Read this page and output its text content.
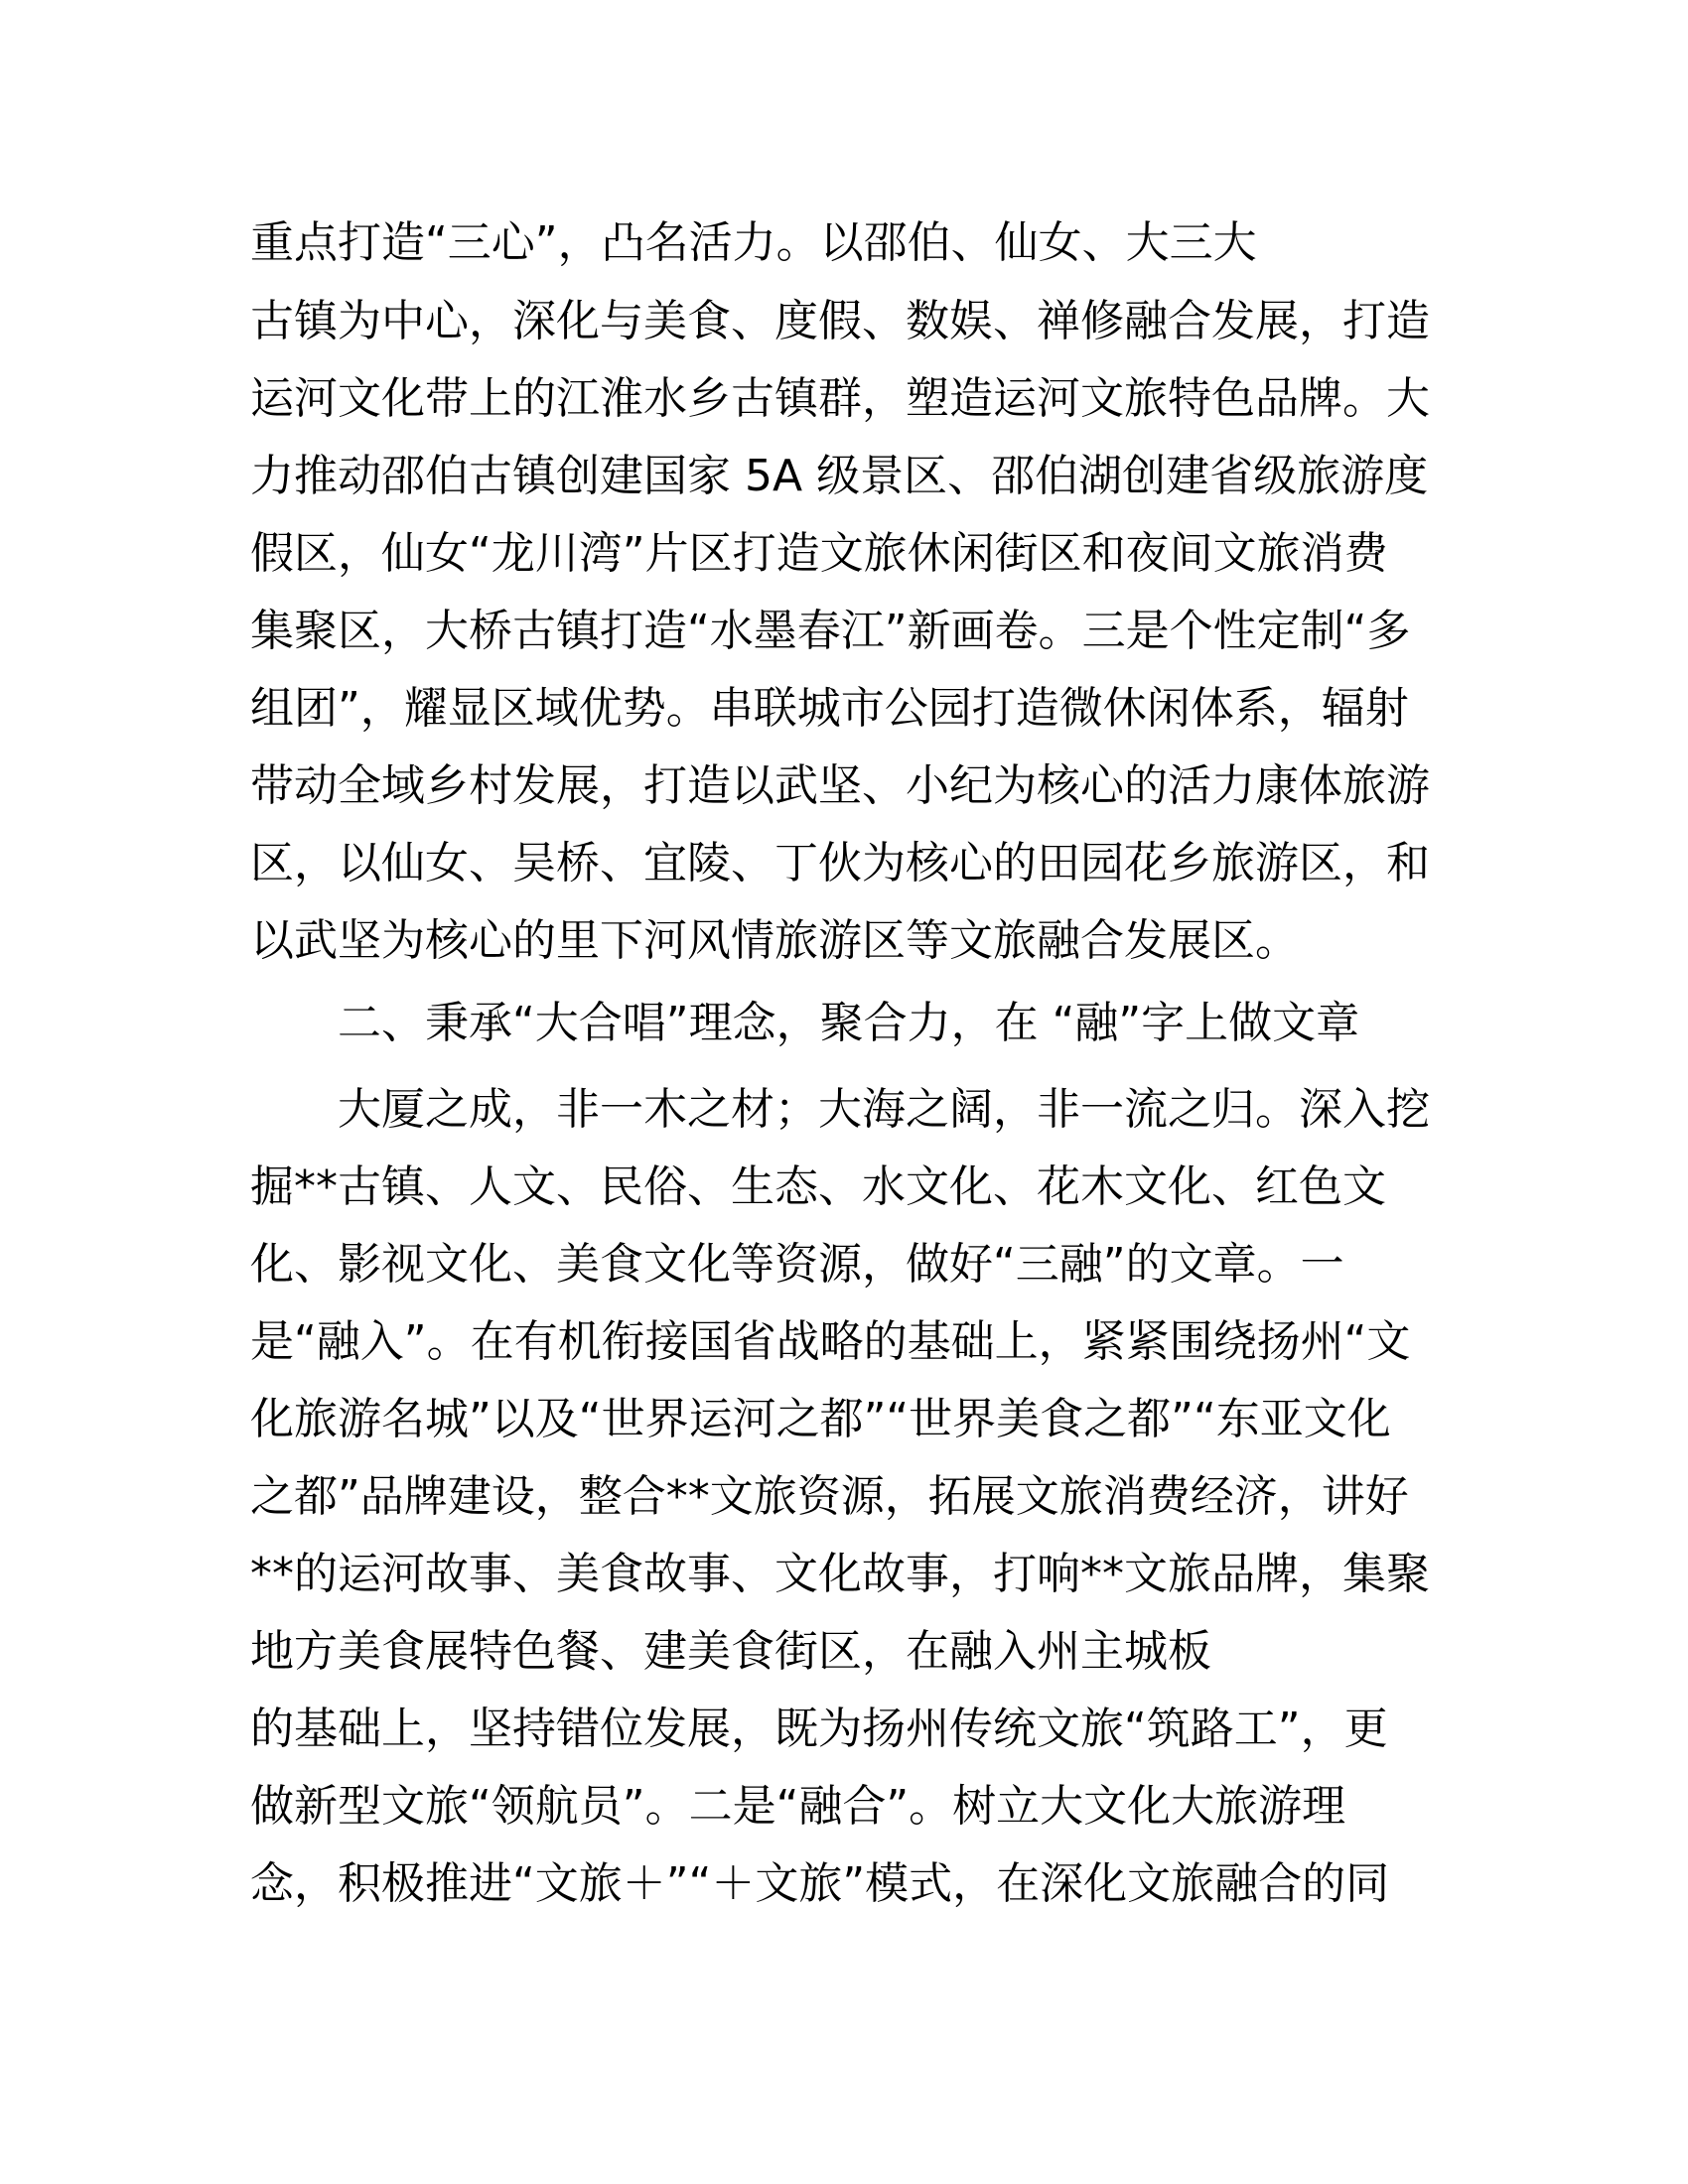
重点打造“三心”，凸名活力。以邵伯、仙女、大三大
古镇为中心，深化与美食、度假、数娱、禅修融合发展，打造
运河文化带上的江淮水乡古镇群，塑造运河文旅特色品牌。大
力推动邵伯古镇创建国家 5A 级景区、邵伯湖创建省级旅游度
假区，仙女“龙川湾”片区打造文旅休闲街区和夜间文旅消费
集聚区，大桥古镇打造“水墨春江”新画卷。三是个性定制“多
组团”，耀显区域优势。串联城市公园打造微休闲体系，辐射
带动全域乡村发展，打造以武坚、小纪为核心的活力康体旅游
区，以仙女、吴桥、宜陵、丁伙为核心的田园花乡旅游区，和
以武坚为核心的里下河风情旅游区等文旅融合发展区。
二、秉承“大合唱”理念，聚合力，在 “融”字上做文章
大厦之成，非一木之材；大海之阔，非一流之归。深入挖
掘**古镇、人文、民俗、生态、水文化、花木文化、红色文
化、影视文化、美食文化等资源，做好“三融”的文章。一
是“融入”。在有机衔接国省战略的基础上，紧紧围绕扬州“文
化旅游名城”以及“世界运河之都”“世界美食之都”“东亚文化
之都”品牌建设，整合**文旅资源，拓展文旅消费经济，讲好
**的运河故事、美食故事、文化故事，打响**文旅品牌，集聚
地方美食展特色餐、建美食街区，在融入州主城板
的基础上，坚持错位发展，既为扬州传统文旅“筑路工”，更
做新型文旅“领航员”。二是“融合”。树立大文化大旅游理
念，积极推进“文旅＋”“＋文旅”模式，在深化文旅融合的同
